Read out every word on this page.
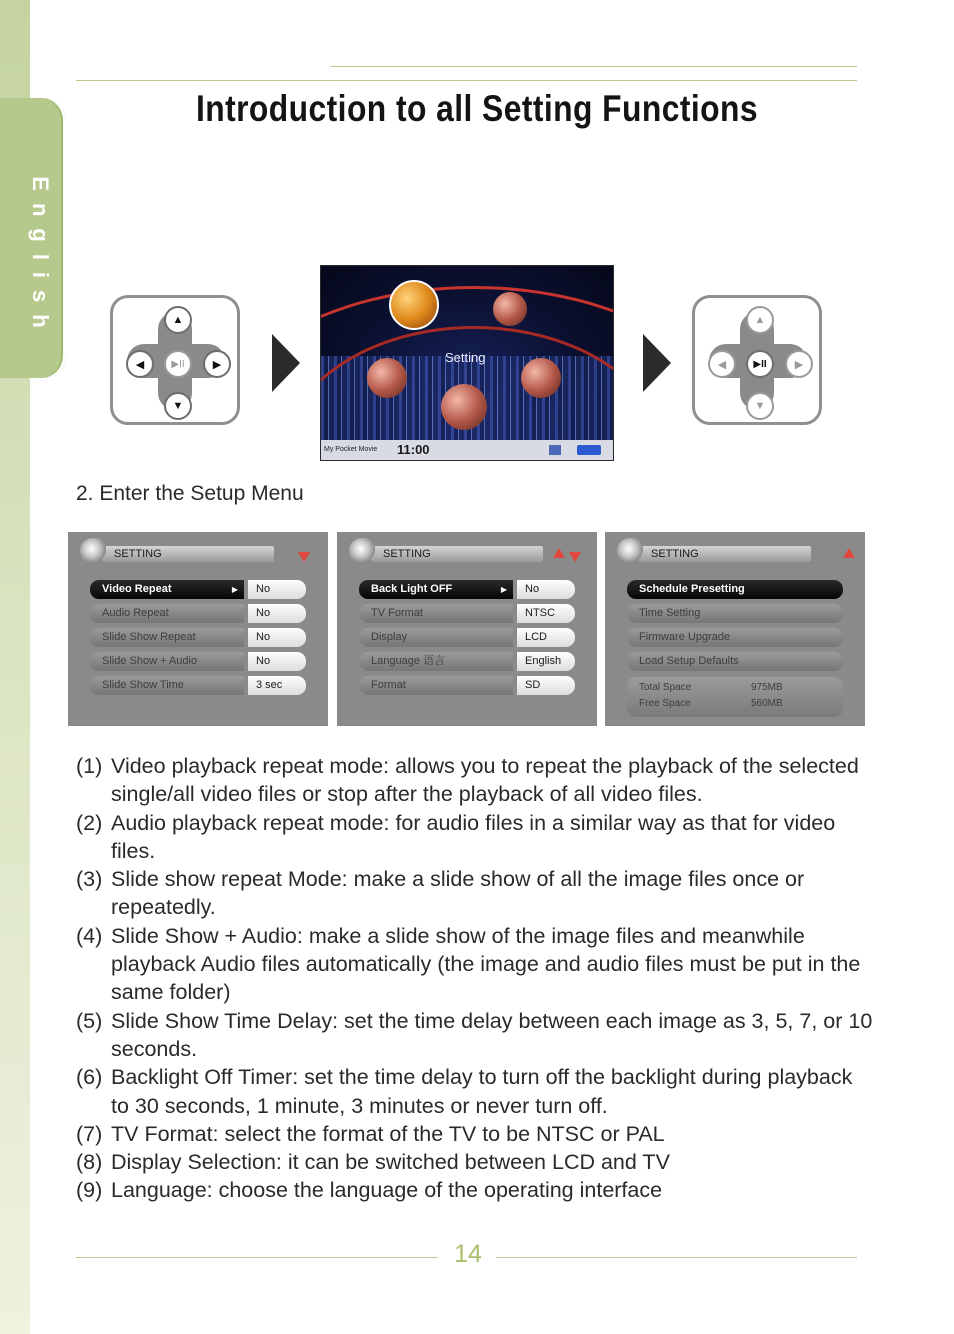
English
Introduction to all Setting Functions
▲
◀	▶II	▶
▼
Setting
My Pocket Movie 11:00
▲
◀	▶II	▶
▼
2. Enter the Setup Menu
SETTING
Video Repeat ▶	No
Audio Repeat	No
Slide Show Repeat	No
Slide Show + Audio	No
Slide Show Time	3 sec
SETTING
Back Light OFF ▶	No
TV Format	NTSC
Display	LCD
Language 语言	English
Format	SD
SETTING
Schedule Presetting
Time Setting
Firmware Upgrade
Load Setup Defaults
Total Space	975MB
Free Space	560MB
(1) Video playback repeat mode: allows you to repeat the playback of the selected single/all video files or stop after the playback of all video files.
(2) Audio playback repeat mode: for audio files in a similar way as that for video files.
(3) Slide show repeat Mode: make a slide show of all the image files once or repeatedly.
(4) Slide Show + Audio: make a slide show of the image files and meanwhile playback Audio files automatically (the image and audio files must be put in the same folder)
(5) Slide Show Time Delay: set the time delay between each image as 3, 5, 7, or 10 seconds.
(6) Backlight Off Timer: set the time delay to turn off the backlight during playback to 30 seconds, 1 minute, 3 minutes or never turn off.
(7) TV Format: select the format of the TV to be NTSC or PAL
(8) Display Selection: it can be switched between LCD and TV
(9) Language: choose the language of the operating interface
14
